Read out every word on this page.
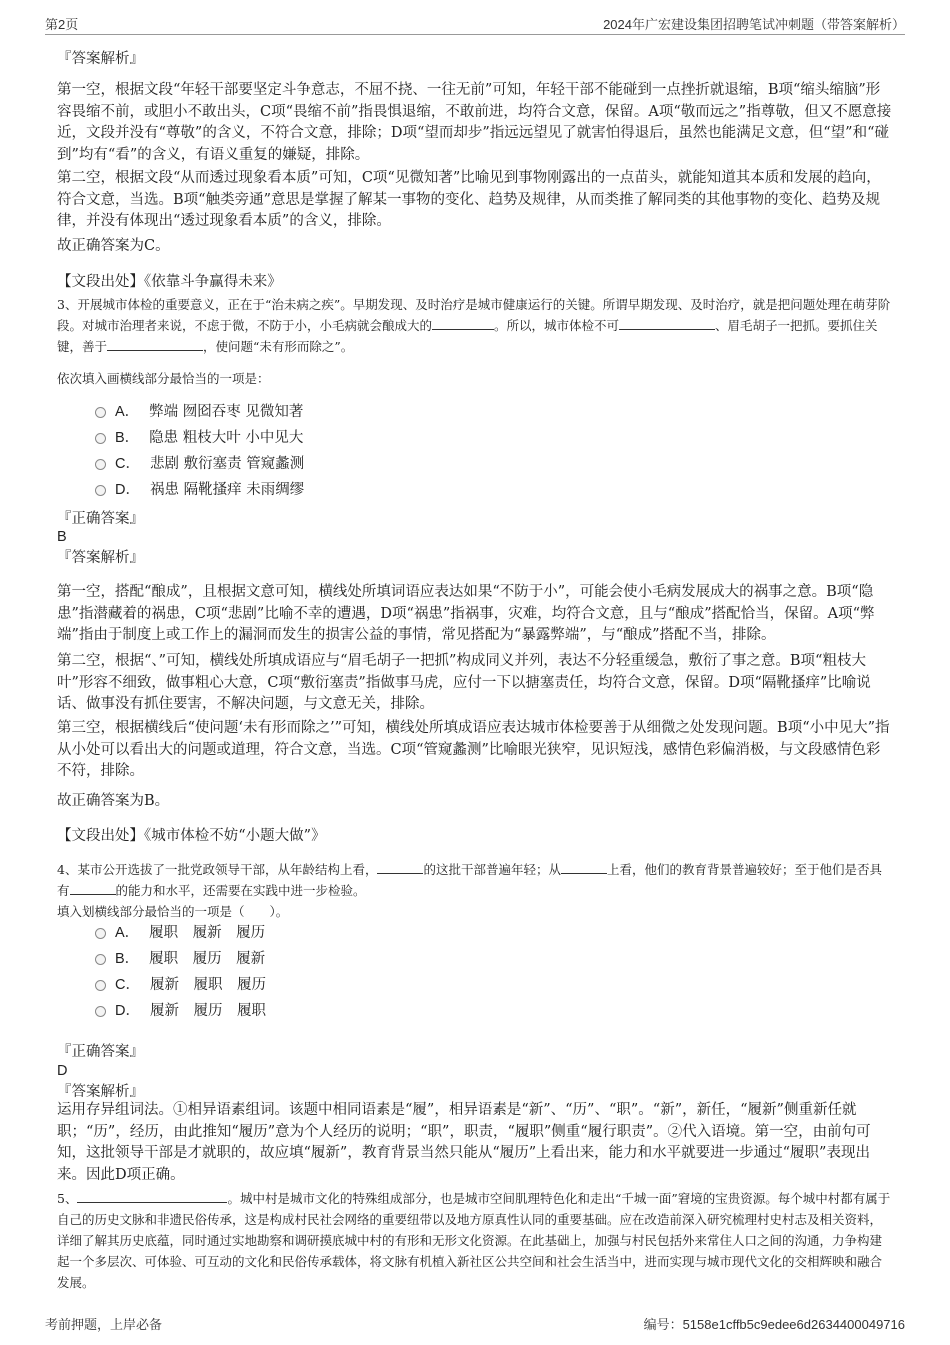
第2页	2024年广宏建设集团招聘笔试冲刺题（带答案解析）

『答案解析』

第一空，根据文段“年轻干部要坚定斗争意志，不屈不挠、一往无前”可知，年轻干部不能碰到一点挫折就退缩，B项“缩头缩脑”形容畏缩不前，或胆小不敢出头，C项“畏缩不前”指畏惧退缩，不敢前进，均符合文意，保留。A项“敬而远之”指尊敬，但又不愿意接近，文段并没有“尊敬”的含义，不符合文意，排除；D项“望而却步”指远远望见了就害怕得退后，虽然也能满足文意，但“望”和“碰到”均有“看”的含义，有语义重复的嫌疑，排除。

第二空，根据文段“从而透过现象看本质”可知，C项“见微知著”比喻见到事物刚露出的一点苗头，就能知道其本质和发展的趋向，符合文意，当选。B项“触类旁通”意思是掌握了解某一事物的变化、趋势及规律，从而类推了解同类的其他事物的变化、趋势及规律，并没有体现出“透过现象看本质”的含义，排除。

故正确答案为C。

【文段出处】《依靠斗争赢得未来》

3、开展城市体检的重要意义，正在于“治未病之疾”。早期发现、及时治疗是城市健康运行的关键。所谓早期发现、及时治疗，就是把问题处理在萌芽阶段。对城市治理者来说，不虑于微，不防于小，小毛病就会酿成大的	。所以，城市体检不可	、眉毛胡子一把抓。要抓住关键，善于	，使问题“未有形而除之”。

依次填入画横线部分最恰当的一项是：

A． 弊端 囫囵吞枣 见微知著
B． 隐患 粗枝大叶 小中见大
C． 悲剧 敷衍塞责 管窥蠡测
D． 祸患 隔靴搔痒 未雨绸缪

『正确答案』

B

『答案解析』

第一空，搭配“酿成”，且根据文意可知，横线处所填词语应表达如果“不防于小”，可能会使小毛病发展成大的祸事之意。B项“隐患”指潜藏着的祸患，C项“悲剧”比喻不幸的遭遇，D项“祸患”指祸事，灾难，均符合文意，且与“酿成”搭配恰当，保留。A项“弊端”指由于制度上或工作上的漏洞而发生的损害公益的事情，常见搭配为“暴露弊端”，与“酿成”搭配不当，排除。

第二空，根据“、”可知，横线处所填成语应与“眉毛胡子一把抓”构成同义并列，表达不分轻重缓急，敷衍了事之意。B项“粗枝大叶”形容不细致，做事粗心大意，C项“敷衍塞责”指做事马虎，应付一下以搪塞责任，均符合文意，保留。D项“隔靴搔痒”比喻说话、做事没有抓住要害，不解决问题，与文意无关，排除。

第三空，根据横线后“使问题‘未有形而除之’”可知，横线处所填成语应表达城市体检要善于从细微之处发现问题。B项“小中见大”指从小处可以看出大的问题或道理，符合文意，当选。C项“管窥蠡测”比喻眼光狭窄，见识短浅，感情色彩偏消极，与文段感情色彩不符，排除。

故正确答案为B。

【文段出处】《城市体检不妨“小题大做”》

4、某市公开选拔了一批党政领导干部，从年龄结构上看，	的这批干部普遍年轻；从	上看，他们的教育背景普遍较好；至于他们是否具有	的能力和水平，还需要在实践中进一步检验。

填入划横线部分最恰当的一项是（　　）。

A． 履职　履新　履历
B． 履职　履历　履新
C． 履新　履职　履历
D． 履新　履历　履职

『正确答案』

D

『答案解析』

运用存异组词法。①相异语素组词。该题中相同语素是“履”，相异语素是“新”、“历”、“职”。“新”，新任，“履新”侧重新任就职；“历”，经历，由此推知“履历”意为个人经历的说明；“职”，职责，“履职”侧重“履行职责”。②代入语境。第一空，由前句可知，这批领导干部是才就职的，故应填“履新”，教育背景当然只能从“履历”上看出来，能力和水平就要进一步通过“履职”表现出来。因此D项正确。

5、	。城中村是城市文化的特殊组成部分，也是城市空间肌理特色化和走出“千城一面”窘境的宝贵资源。每个城中村都有属于自己的历史文脉和非遗民俗传承，这是构成村民社会网络的重要纽带以及地方原真性认同的重要基础。应在改造前深入研究梳理村史村志及相关资料，详细了解其历史底蕴，同时通过实地勘察和调研摸底城中村的有形和无形文化资源。在此基础上，加强与村民包括外来常住人口之间的沟通，力争构建起一个多层次、可体验、可互动的文化和民俗传承载体，将文脉有机植入新社区公共空间和社会生活当中，进而实现与城市现代文化的交相辉映和融合发展。

考前押题，上岸必备	编号：5158e1cffb5c9edee6d2634400049716
